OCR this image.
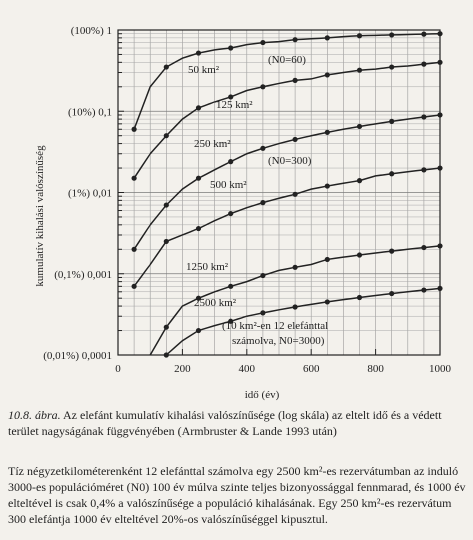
(0,01%) 0,0001
(0,1%) 0,001
(1%) 0,01
(10%) 0,1
(100%) 1
0	200	400	600	800	1000
kumulatív kihalási valószínűség
idő (év)
50 km²
125 km²
250 km²
500 km²
1250 km²
2500 km²
(N0=60)
(N0=300)
(10 km²-en 12 elefánttal
számolva, N0=3000)
10.8. ábra. Az elefánt kumulatív kihalási valószínűsége (log skála) az eltelt idő és a védett terület nagyságának függvényében (Armbruster & Lande 1993 után)
Tíz négyzetkilométerenként 12 elefánttal számolva egy 2500 km²-es rezervátumban az induló 3000-es populációméret (N0) 100 év múlva szinte teljes bizonyossággal fennmarad, és 1000 év elteltével is csak 0,4% a valószínűsége a populáció kihalásának. Egy 250 km²-es rezervátum 300 elefántja 1000 év elteltével 20%-os valószínűséggel kipusztul.
